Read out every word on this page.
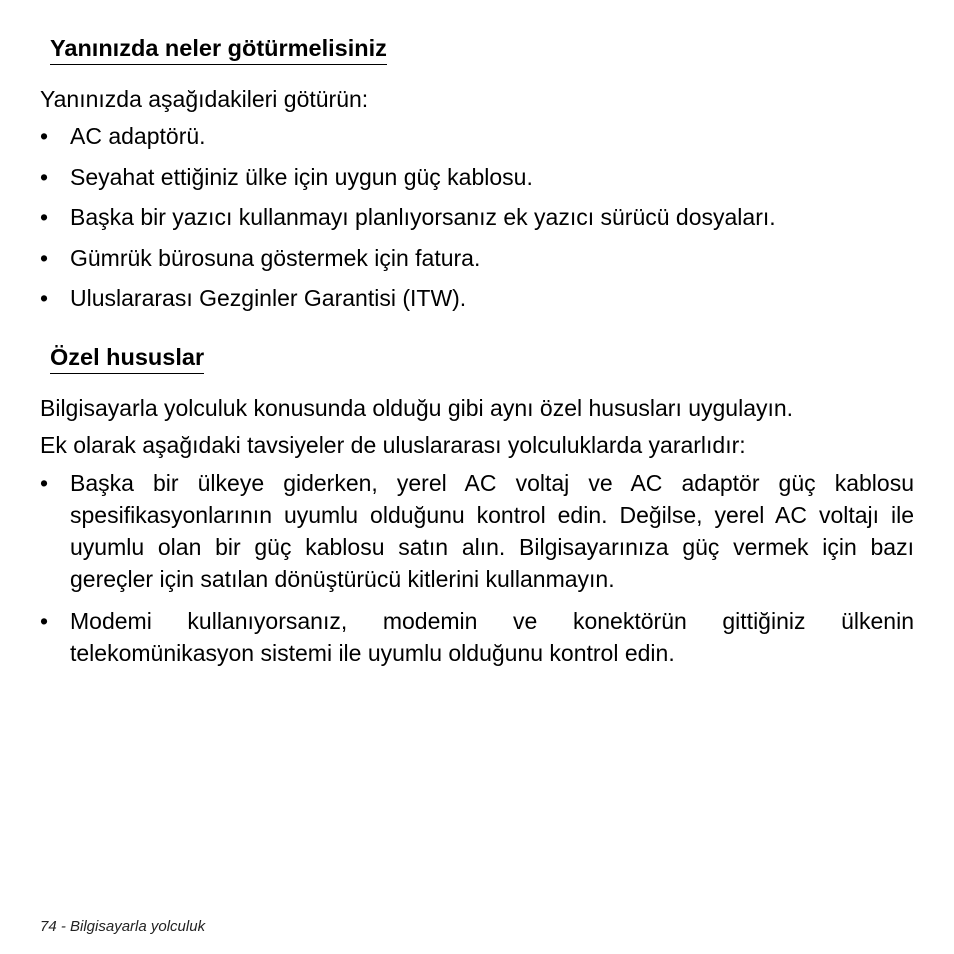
Yanınızda neler götürmelisiniz

Yanınızda aşağıdakileri götürün:

• AC adaptörü.
• Seyahat ettiğiniz ülke için uygun güç kablosu.
• Başka bir yazıcı kullanmayı planlıyorsanız ek yazıcı sürücü dosyaları.
• Gümrük bürosuna göstermek için fatura.
• Uluslararası Gezginler Garantisi (ITW).
Özel hususlar

Bilgisayarla yolculuk konusunda olduğu gibi aynı özel hususları uygulayın.

Ek olarak aşağıdaki tavsiyeler de uluslararası yolculuklarda yararlıdır:

• Başka bir ülkeye giderken, yerel AC voltaj ve AC adaptör güç kablosu spesifikasyonlarının uyumlu olduğunu kontrol edin. Değilse, yerel AC voltajı ile uyumlu olan bir güç kablosu satın alın. Bilgisayarınıza güç vermek için bazı gereçler için satılan dönüştürücü kitlerini kullanmayın.
• Modemi kullanıyorsanız, modemin ve konektörün gittiğiniz ülkenin telekomünikasyon sistemi ile uyumlu olduğunu kontrol edin.
74 - Bilgisayarla yolculuk
